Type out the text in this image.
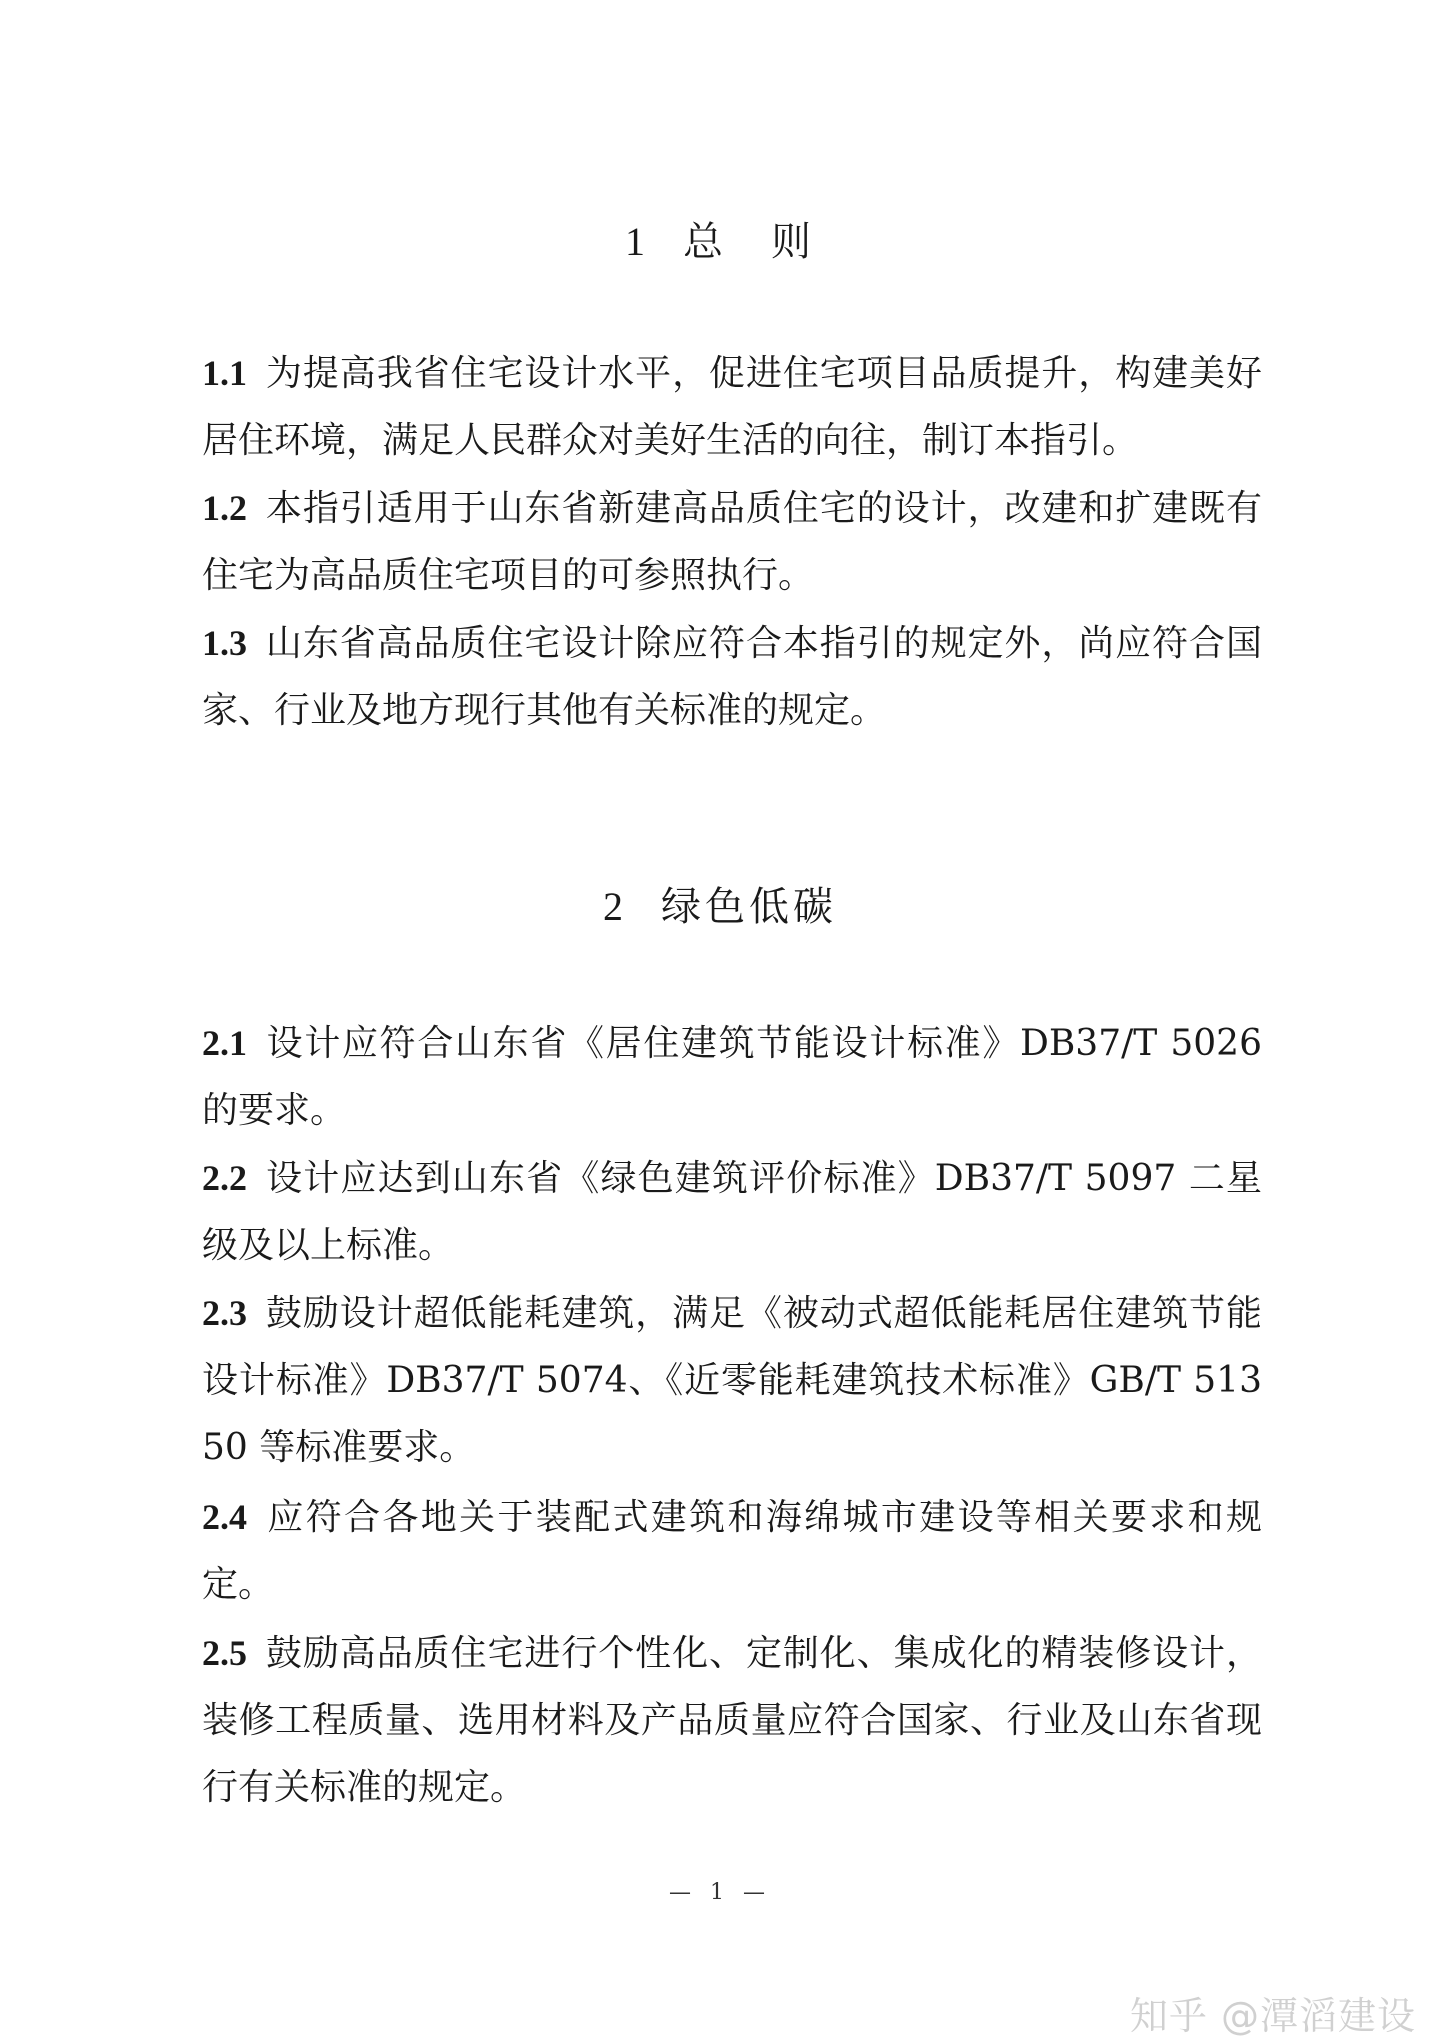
1 总　则

1.1 为提高我省住宅设计水平，促进住宅项目品质提升，构建美好居住环境，满足人民群众对美好生活的向往，制订本指引。

1.2 本指引适用于山东省新建高品质住宅的设计，改建和扩建既有住宅为高品质住宅项目的可参照执行。

1.3 山东省高品质住宅设计除应符合本指引的规定外，尚应符合国家、行业及地方现行其他有关标准的规定。

2 绿色低碳

2.1 设计应符合山东省《居住建筑节能设计标准》DB37/T 5026 的要求。

2.2 设计应达到山东省《绿色建筑评价标准》DB37/T 5097 二星级及以上标准。

2.3 鼓励设计超低能耗建筑，满足《被动式超低能耗居住建筑节能设计标准》DB37/T 5074、《近零能耗建筑技术标准》GB/T 51350 等标准要求。

2.4 应符合各地关于装配式建筑和海绵城市建设等相关要求和规定。

2.5 鼓励高品质住宅进行个性化、定制化、集成化的精装修设计，装修工程质量、选用材料及产品质量应符合国家、行业及山东省现行有关标准的规定。

— 1 —
知乎 @潭滔建设
